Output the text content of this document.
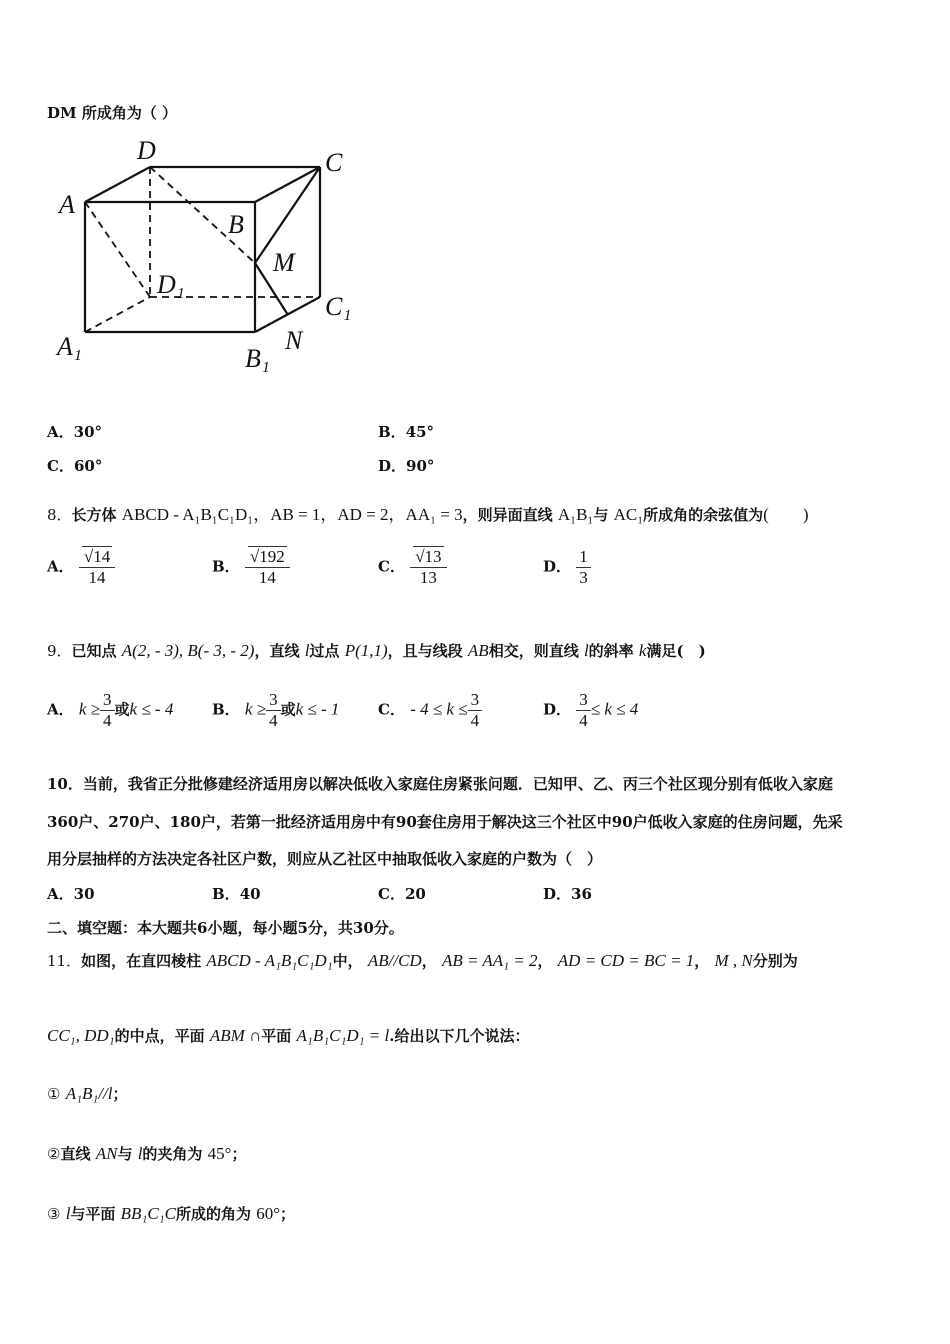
DM 所成角为（ ）
D	C
A
B
M
D₁
C₁
A₁	B₁
N
A．30°	B．45°
C．60°	D．90°
8．长方体 ABCD - A₁B₁C₁D₁，AB = 1，AD = 2，AA₁ = 3，则异面直线 A₁B₁与 AC₁所成角的余弦值为(　　)
A． $\frac{√14}{14}$	B． $\frac{√192}{14}$	C． $\frac{√13}{13}$	D． $\frac{1}{3}$
9．已知点 A(2, - 3), B(- 3, - 2)，直线 l过点 P(1,1)，且与线段 AB相交，则直线 l的斜率 k满足(　)
A． $k \ge \frac{3}{4}$ 或k ≤ - 4	B． $k \ge \frac{3}{4}$ 或k ≤ - 1	C． - $4 \le k \le \frac{3}{4}$	D． $\frac{3}{4} \le k \le 4$
10．当前，我省正分批修建经济适用房以解决低收入家庭住房紧张问题．已知甲、乙、丙三个社区现分别有低收入家庭
360户、270户、180户，若第一批经济适用房中有90套住房用于解决这三个社区中90户低收入家庭的住房问题，先采
用分层抽样的方法决定各社区户数，则应从乙社区中抽取低收入家庭的户数为（　）
A．30	B．40	C．20	D．36
二、填空题：本大题共6小题，每小题5分，共30分。
11．如图，在直四棱柱 ABCD - A₁B₁C₁D₁中， AB//CD， AB = AA₁ = 2， AD = CD = BC = 1， M , N分别为
CC₁, DD₁的中点，平面 ABM ∩平面 A₁B₁C₁D₁ = l.给出以下几个说法：
① A₁B₁//l；
②直线 AN与 l的夹角为 45°；
③ l与平面 BB₁C₁C所成的角为 60°；
